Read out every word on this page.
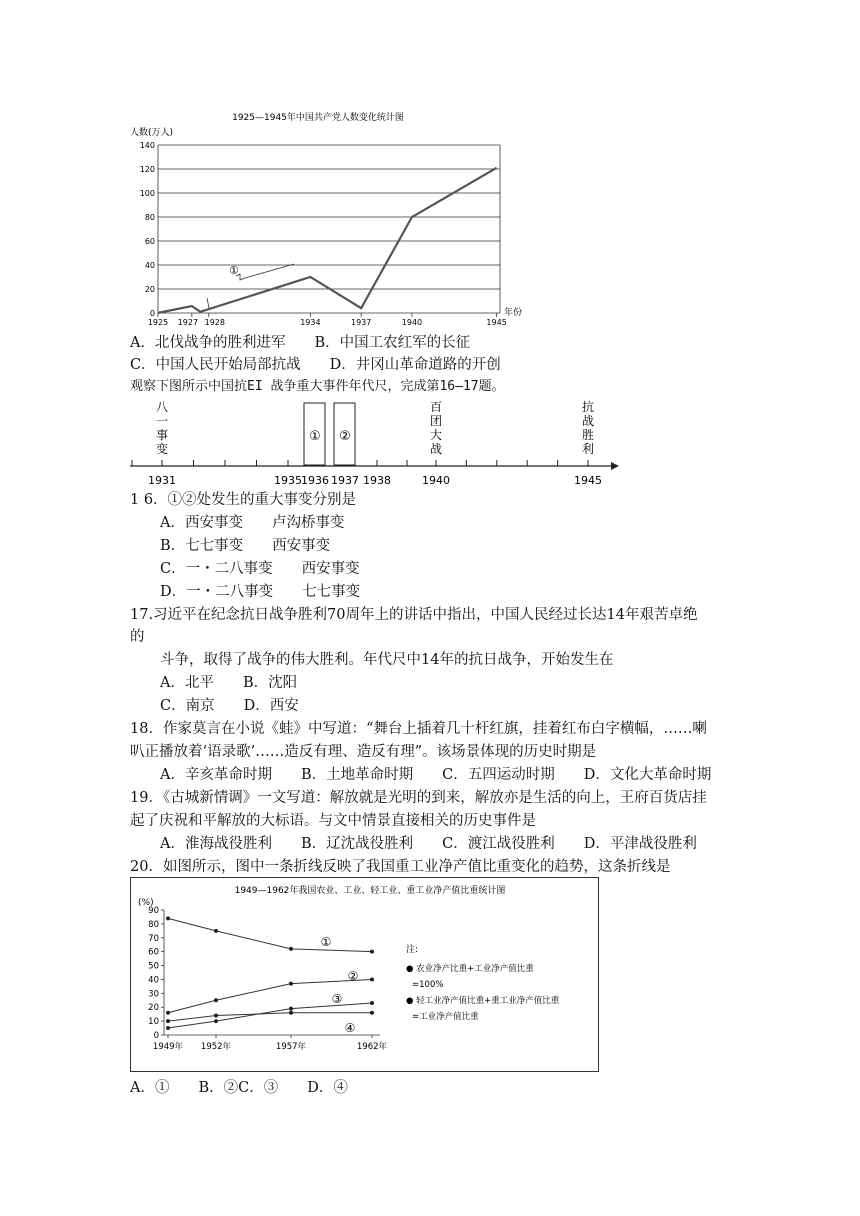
1925—1945年中国共产党人数变化统计图
人数(万人)
0
20
40
60
80
100
120
140
1925 1927 1928	1934	1937	1940	1945
①
年份
A．北伐战争的胜利进军　　B．中国工农红军的长征
C．中国人民开始局部抗战　　D．井冈山革命道路的开创
观察下图所示中国抗EI 战争重大事件年代尺，完成第16—17题。
八
一
事
变
百
团
大
战
抗
战
胜
利
1931	1935 1936 1937 1938	1940	1945
① ②
1 6．①②处发生的重大事变分别是
A．西安事变　　卢沟桥事变
B．七七事变　　西安事变
C．一・二八事变　　西安事变
D．一・二八事变　　七七事变
17.习近平在纪念抗日战争胜利70周年上的讲话中指出，中国人民经过长达14年艰苦卓绝
的
斗争，取得了战争的伟大胜利。年代尺中14年的抗日战争，开始发生在
A．北平　　B．沈阳
C．南京　　D．西安
18．作家莫言在小说《蛙》中写道：“舞台上插着几十杆红旗，挂着红布白字横幅，……喇
叭正播放着‘语录歌’……造反有理、造反有理”。该场景体现的历史时期是
A．辛亥革命时期　　B．土地革命时期　　C．五四运动时期　　D．文化大革命时期
19．《古城新情调》一文写道：解放就是光明的到来，解放亦是生活的向上，王府百货店挂
起了庆祝和平解放的大标语。与文中情景直接相关的历史事件是
A．淮海战役胜利　　B．辽沈战役胜利　　C．渡江战役胜利　　D．平津战役胜利
20．如图所示，图中一条折线反映了我国重工业净产值比重变化的趋势，这条折线是
1949—1962年我国农业、工业、轻工业、重工业净产值比重统计图
(%)
0
10
20
30
40
50
60
70
80
90
1949年 1952年	1957年	1962年
①
②
③
④
注:
● 农业净产比重+工业净产值比重
=100%
● 轻工业净产值比重+重工业净产值比重
=工业净产值比重
A．①　　B．②C．③　　D．④
